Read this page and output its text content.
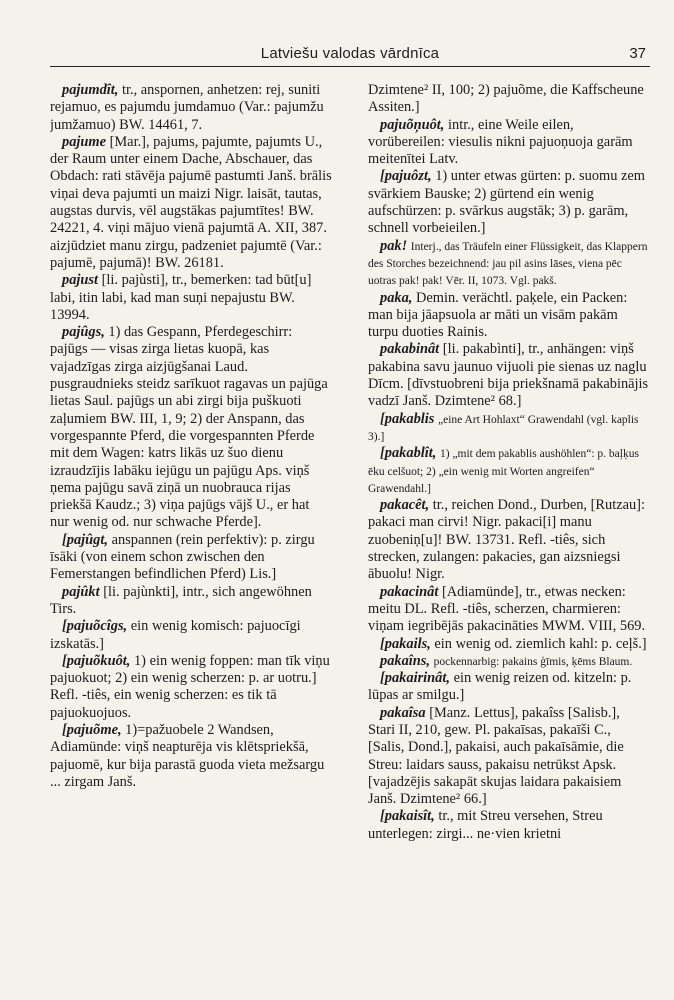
Latviešu valodas vārdnīca	37

pajumdît, tr., anspornen, anhetzen: rej, suniti rejamuo, es pajumdu jumdamuo (Var.: pajumžu jumžamuo) BW. 14461, 7.

pajume [Mar.], pajums, pajumte, pajumts U., der Raum unter einem Dache, Abschauer, das Obdach: rati stāvēja pajumē pastumti Janš. brālis viņai deva pajumti un maizi Nigr. laisāt, tautas, augstas durvis, vēl augstākas pajumtītes! BW. 24221, 4. viņi mājuo vienā pajumtā A. XII, 387. aizjūdziet manu zirgu, padzeniet pajumtē (Var.: pajumē, pajumā)! BW. 26181.

pajust [li. pajùsti], tr., bemerken: tad būt[u] labi, itin labi, kad man suņi nepajustu BW. 13994.

pajûgs, 1) das Gespann, Pferdegeschirr: pajūgs — visas zirga lietas kuopā, kas vajadzīgas zirga aizjūgšanai Laud. pusgraudnieks steidz sarīkuot ragavas un pajūga lietas Saul. pajūgs un abi zirgi bija puškuoti zaļumiem BW. III, 1, 9; 2) der Anspann, das vorgespannte Pferd, die vorgespannten Pferde mit dem Wagen: katrs likās uz šuo dienu izraudzījis labāku iejūgu un pajūgu Aps. viņš ņema pajūgu savā ziņā un nuobrauca rijas priekšā Kaudz.; 3) viņa pajūgs vājš U., er hat nur wenig od. nur schwache Pferde].

[pajûgt, anspannen (rein perfektiv): p. zirgu īsāki (von einem schon zwischen den Femerstangen befindlichen Pferd) Lis.]

pajûkt [li. pajùnkti], intr., sich angewöhnen Tirs.

[pajuõcîgs, ein wenig komisch: pajuocīgi izskatās.]

[pajuõkuôt, 1) ein wenig foppen: man tīk viņu pajuokuot; 2) ein wenig scherzen: p. ar uotru.] Refl. -tiês, ein wenig scherzen: es tik tā pajuokuojuos.

[pajuõme, 1)=pažuobele 2 Wandsen, Adiamünde: viņš neapturēja vis klētspriekšā, pajuomē, kur bija parastā guoda vieta mežsargu ... zirgam Janš.

Dzimtene² II, 100; 2) pajuõme, die Kaffscheune Assiten.]

pajuõņuôt, intr., eine Weile eilen, vorübereilen: viesulis nikni pajuoņuoja garām meitenītei Latv.

[pajuôzt, 1) unter etwas gürten: p. suomu zem svārkiem Bauske; 2) gürtend ein wenig aufschürzen: p. svārkus augstāk; 3) p. garām, schnell vorbeieilen.]

pak! Interj., das Träufeln einer Flüssigkeit, das Klappern des Storches bezeichnend: jau pil asins lāses, viena pēc uotras pak! pak! Vēr. II, 1073. Vgl. pakš.

paka, Demin. verächtl. paķele, ein Packen: man bija jāapsuola ar māti un visām pakām turpu duoties Rainis.

pakabinât [li. pakabìnti], tr., anhängen: viņš pakabina savu jaunuo vijuoli pie sienas uz naglu Dīcm. [dīvstuobreni bija priekšnamā pakabinājis vadzī Janš. Dzimtene² 68.]

[pakablis „eine Art Hohlaxt“ Grawendahl (vgl. kaplis 3).]

[pakablît, 1) „mit dem pakablis aushöhlen“: p. baļķus ēku celšuot; 2) „ein wenig mit Worten angreifen“ Grawendahl.]

pakacêt, tr., reichen Dond., Durben, [Rutzau]: pakaci man cirvi! Nigr. pakaci[i] manu zuobeniņ[u]! BW. 13731. Refl. -tiês, sich strecken, zulangen: pakacies, gan aizsniegsi ābuolu! Nigr.

pakacinât [Adiamünde], tr., etwas necken: meitu DL. Refl. -tiês, scherzen, charmieren: viņam iegribējās pakacināties MWM. VIII, 569.

[pakails, ein wenig od. ziemlich kahl: p. ceļš.]

pakaîns, pockennarbig: pakains ģīmis, ķēms Blaum.

[pakairinât, ein wenig reizen od. kitzeln: p. lūpas ar smilgu.]

pakaîsa [Manz. Lettus], pakaîss [Salisb.], Stari II, 210, gew. Pl. pakaīsas, pakaīši C., [Salis, Dond.], pakaisi, auch pakaīsāmie, die Streu: laidars sauss, pakaisu netrūkst Apsk. [vajadzējis sakapāt skujas laidara pakaisiem Janš. Dzimtene² 66.]

[pakaisît, tr., mit Streu versehen, Streu unterlegen: zirgi... ne·vien krietni
